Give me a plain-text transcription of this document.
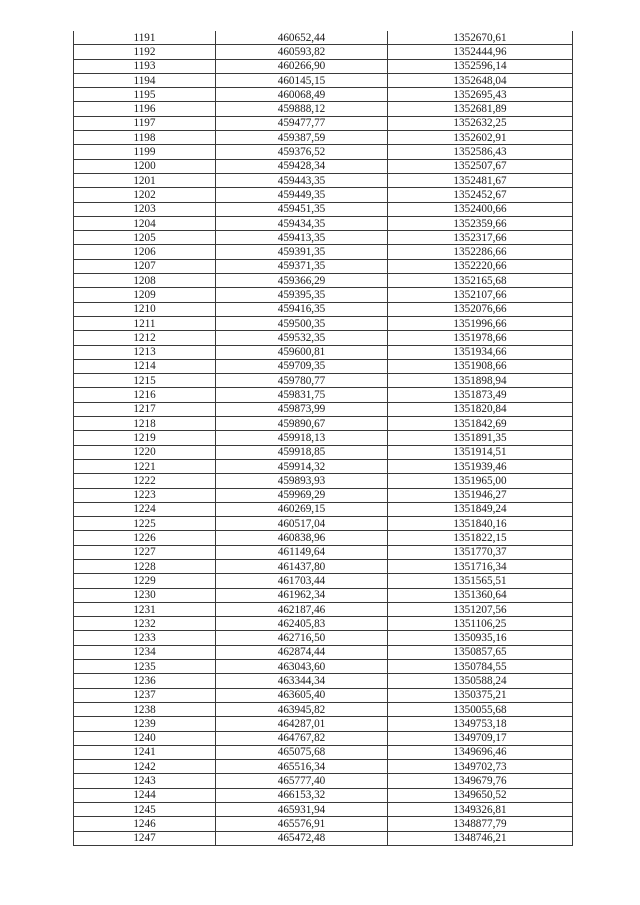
1191	460652,44	1352670,61
1192	460593,82	1352444,96
1193	460266,90	1352596,14
1194	460145,15	1352648,04
1195	460068,49	1352695,43
1196	459888,12	1352681,89
1197	459477,77	1352632,25
1198	459387,59	1352602,91
1199	459376,52	1352586,43
1200	459428,34	1352507,67
1201	459443,35	1352481,67
1202	459449,35	1352452,67
1203	459451,35	1352400,66
1204	459434,35	1352359,66
1205	459413,35	1352317,66
1206	459391,35	1352286,66
1207	459371,35	1352220,66
1208	459366,29	1352165,68
1209	459395,35	1352107,66
1210	459416,35	1352076,66
1211	459500,35	1351996,66
1212	459532,35	1351978,66
1213	459600,81	1351934,66
1214	459709,35	1351908,66
1215	459780,77	1351898,94
1216	459831,75	1351873,49
1217	459873,99	1351820,84
1218	459890,67	1351842,69
1219	459918,13	1351891,35
1220	459918,85	1351914,51
1221	459914,32	1351939,46
1222	459893,93	1351965,00
1223	459969,29	1351946,27
1224	460269,15	1351849,24
1225	460517,04	1351840,16
1226	460838,96	1351822,15
1227	461149,64	1351770,37
1228	461437,80	1351716,34
1229	461703,44	1351565,51
1230	461962,34	1351360,64
1231	462187,46	1351207,56
1232	462405,83	1351106,25
1233	462716,50	1350935,16
1234	462874,44	1350857,65
1235	463043,60	1350784,55
1236	463344,34	1350588,24
1237	463605,40	1350375,21
1238	463945,82	1350055,68
1239	464287,01	1349753,18
1240	464767,82	1349709,17
1241	465075,68	1349696,46
1242	465516,34	1349702,73
1243	465777,40	1349679,76
1244	466153,32	1349650,52
1245	465931,94	1349326,81
1246	465576,91	1348877,79
1247	465472,48	1348746,21
